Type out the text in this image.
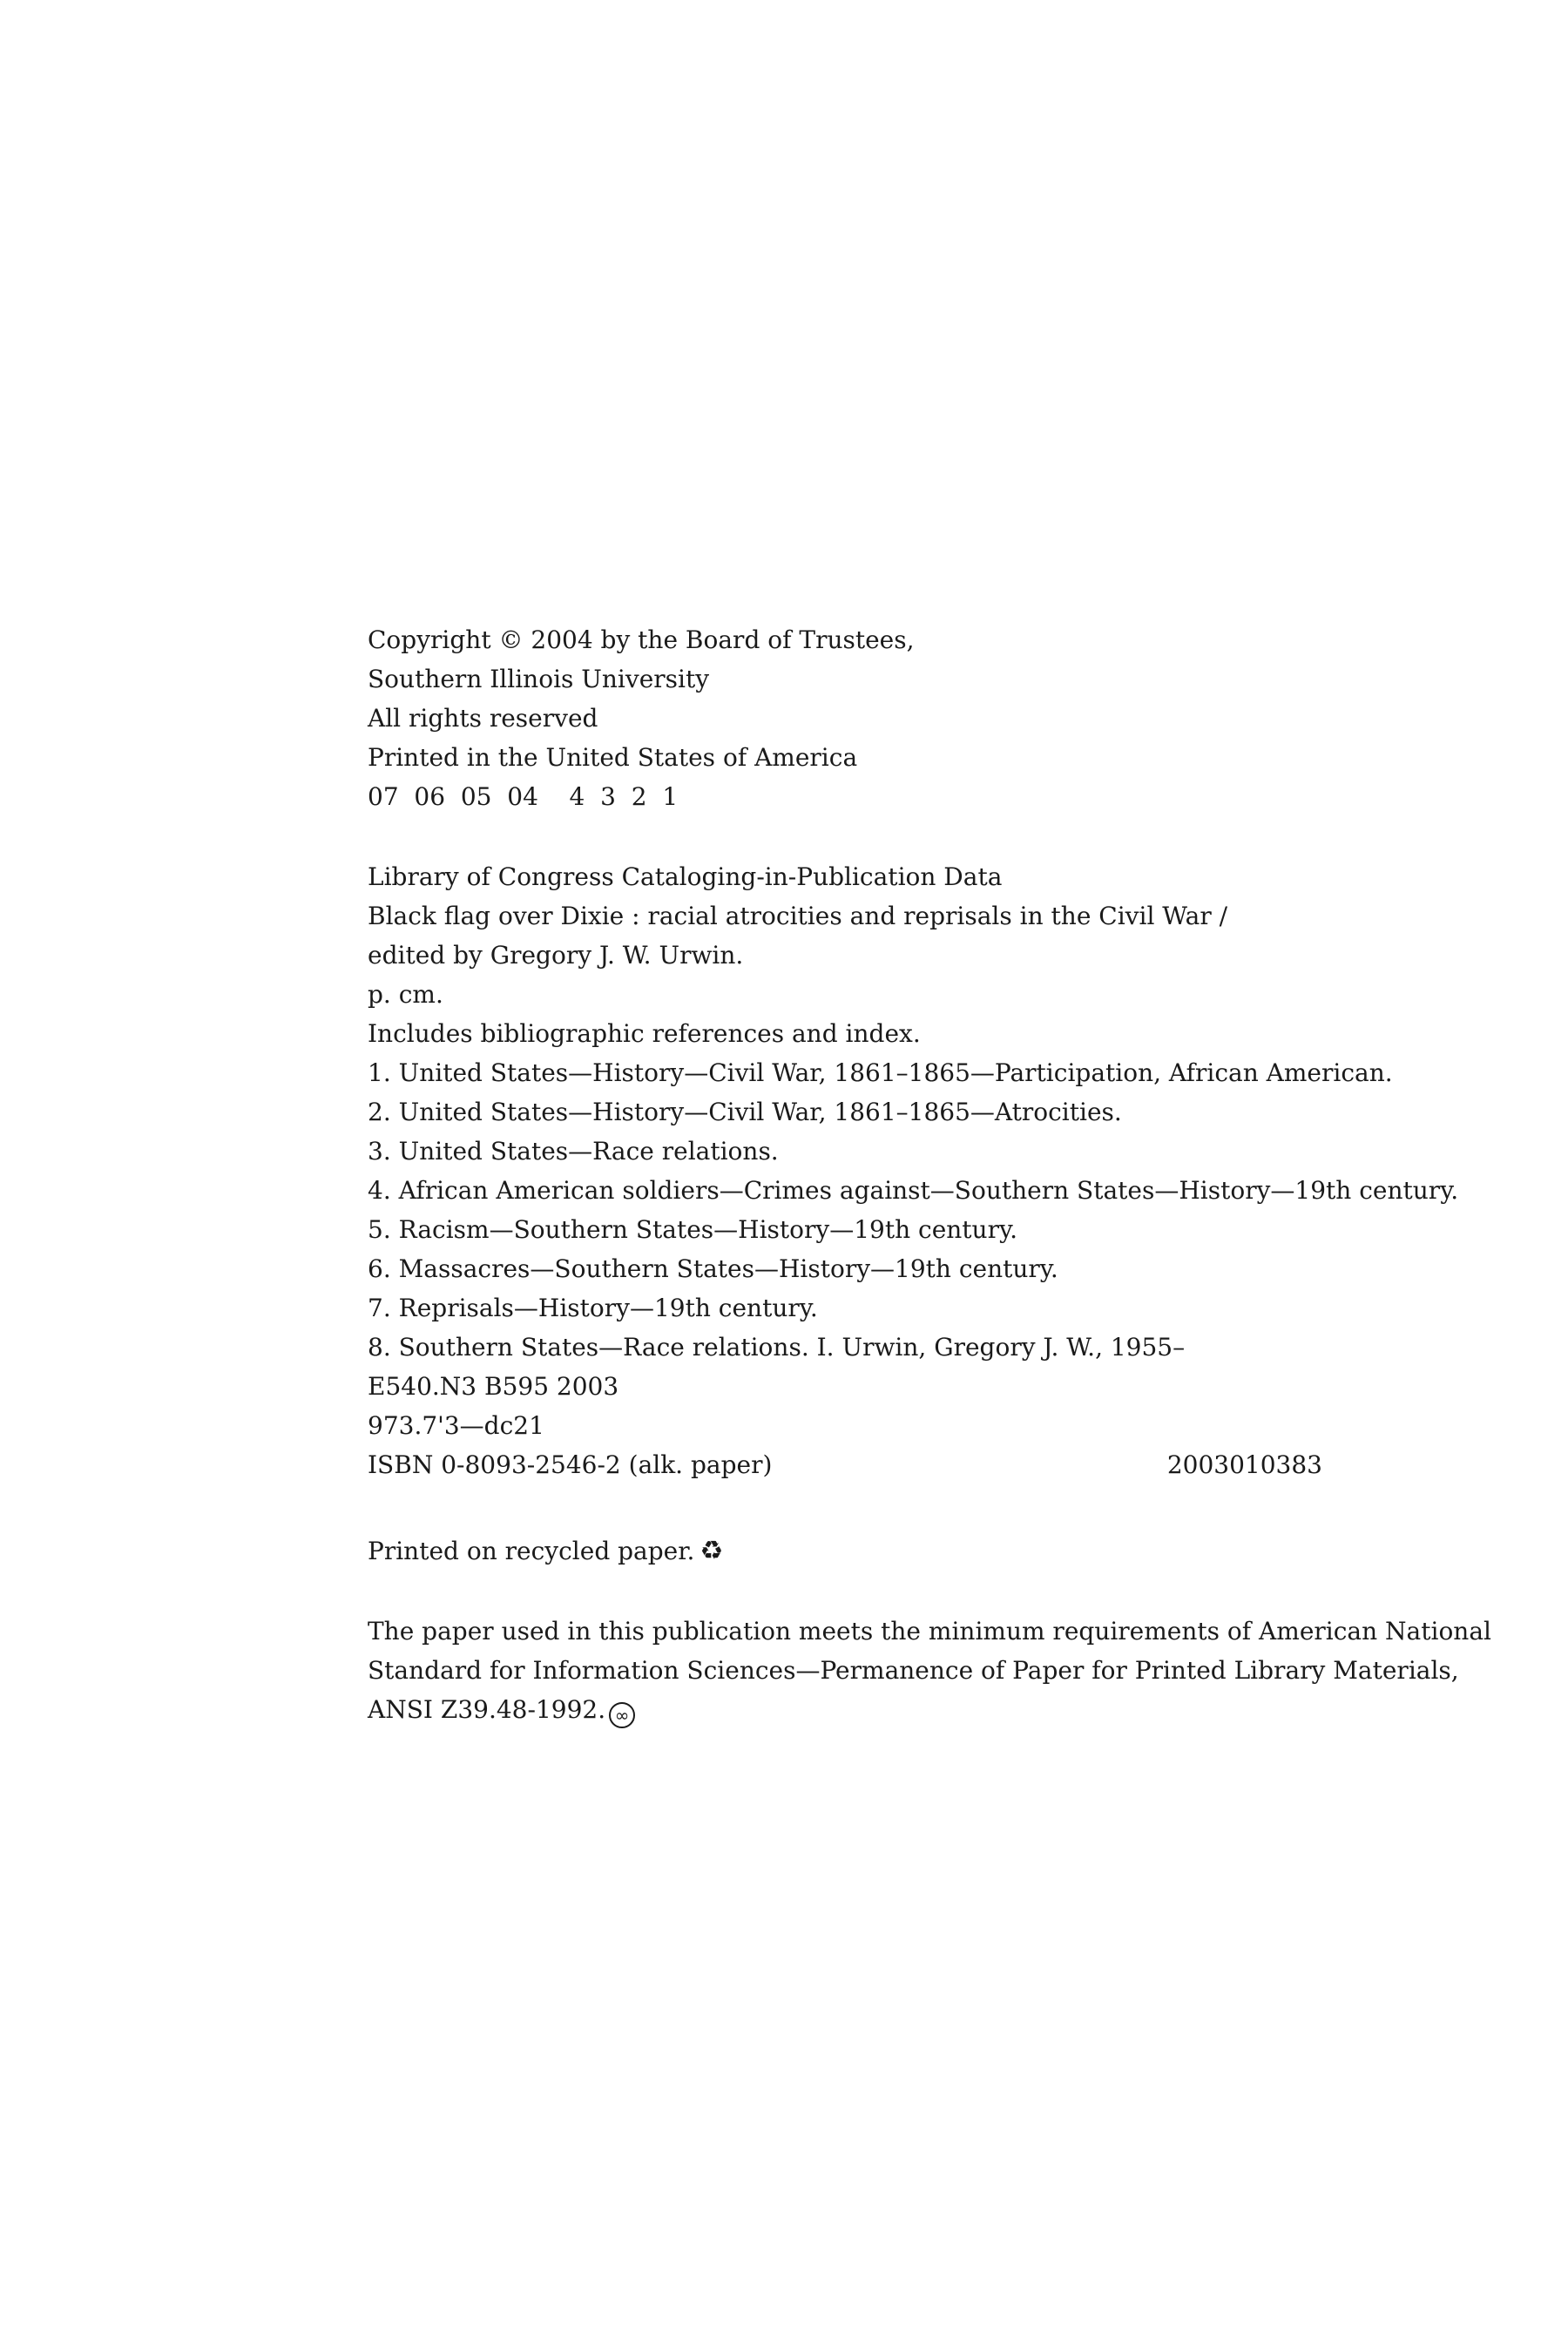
Copyright © 2004 by the Board of Trustees,
Southern Illinois University
All rights reserved
Printed in the United States of America
07  06  05  04    4  3  2  1
Library of Congress Cataloging-in-Publication Data
Black flag over Dixie : racial atrocities and reprisals in the Civil War /
edited by Gregory J. W. Urwin.
p. cm.
Includes bibliographic references and index.
1. United States—History—Civil War, 1861–1865—Participation, African American.
2. United States—History—Civil War, 1861–1865—Atrocities.
3. United States—Race relations.
4. African American soldiers—Crimes against—Southern States—History—19th century.
5. Racism—Southern States—History—19th century.
6. Massacres—Southern States—History—19th century.
7. Reprisals—History—19th century.
8. Southern States—Race relations. I. Urwin, Gregory J. W., 1955–
E540.N3 B595 2003
973.7'3—dc21
ISBN 0-8093-2546-2 (alk. paper)	2003010383
Printed on recycled paper. ♻
The paper used in this publication meets the minimum requirements of American National
Standard for Information Sciences—Permanence of Paper for Printed Library Materials,
ANSI Z39.48-1992. ∞
